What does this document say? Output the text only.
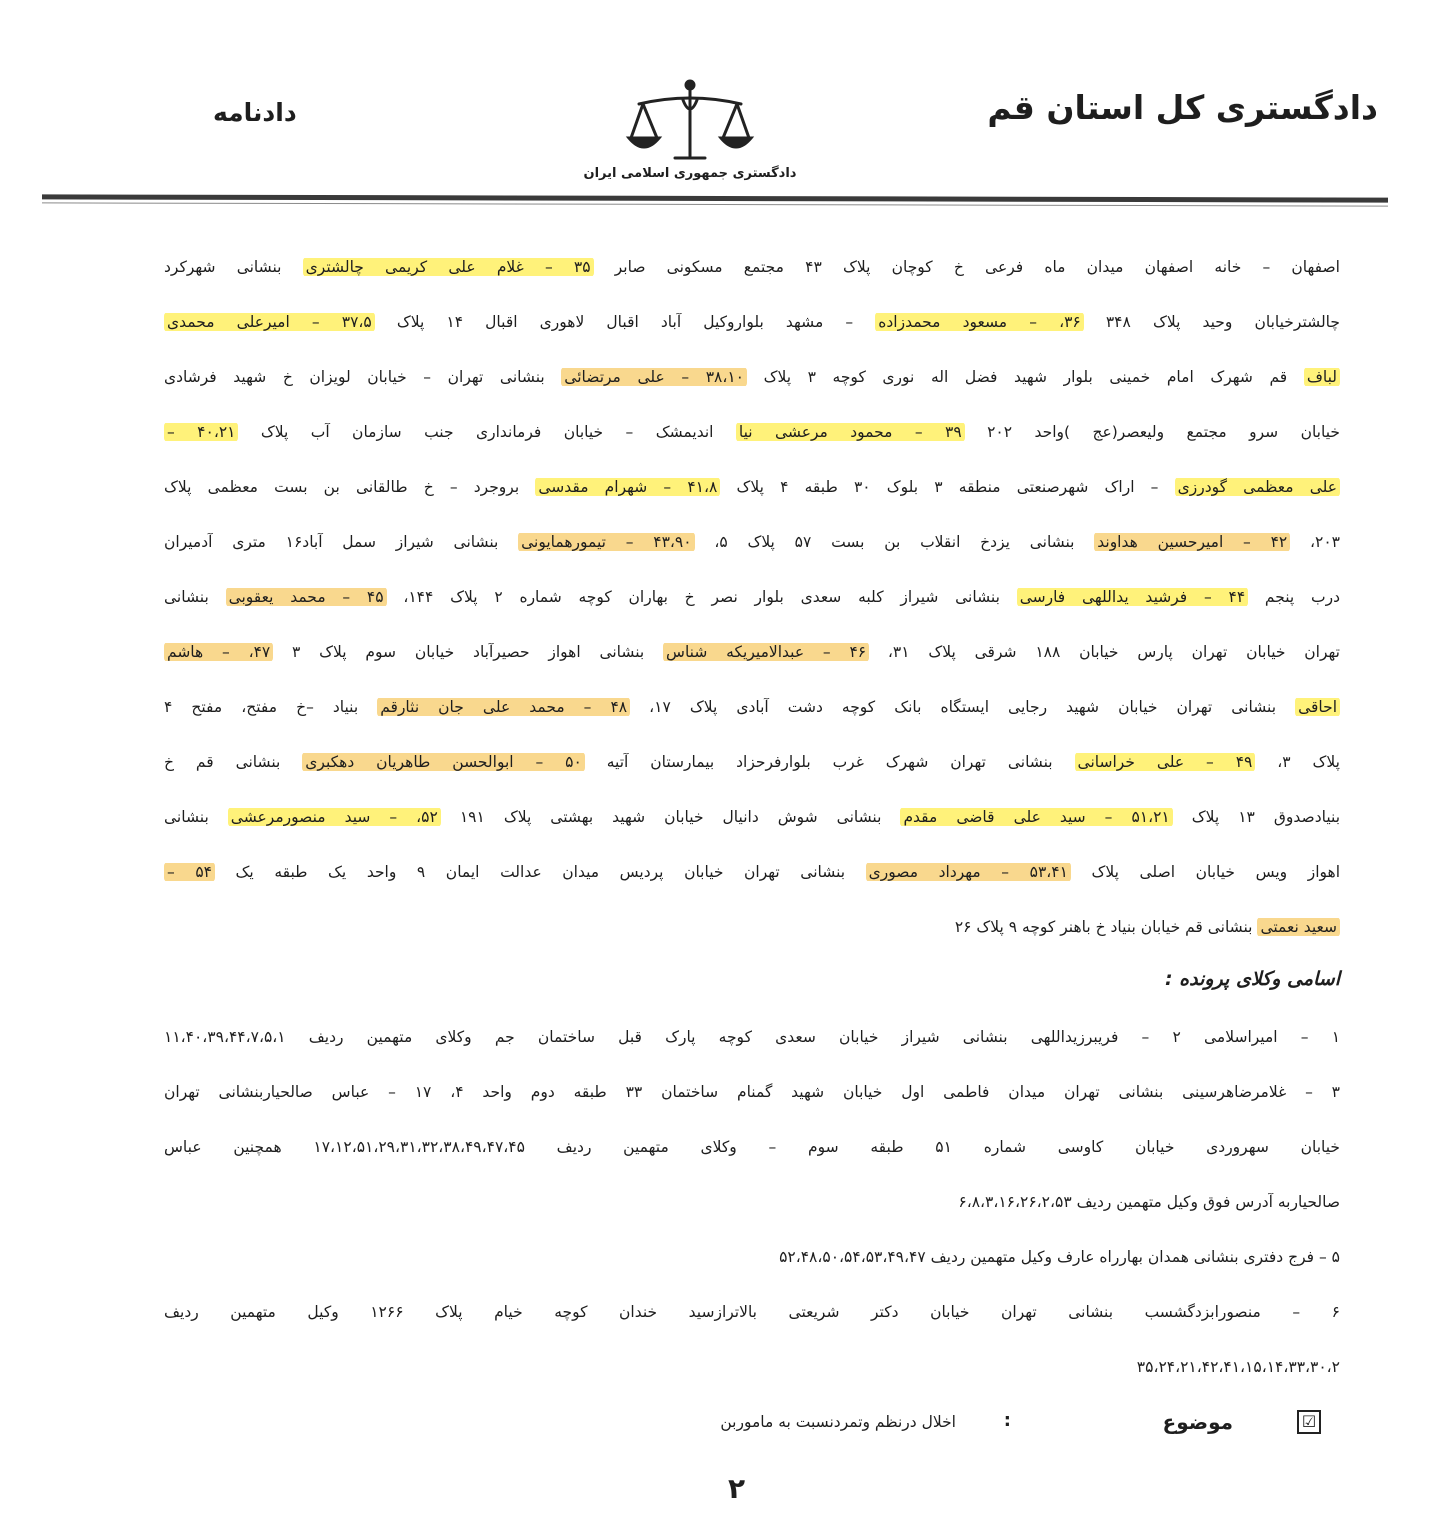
دادگستری کل استان قم
دادنامه
دادگستری جمهوری اسلامی ایران
اصفهان – خانه اصفهان میدان ماه فرعی خ کوچان پلاک ۴۳ مجتمع مسکونی صابر ۳۵ – غلام علی کریمی چالشتری بنشانی شهرکرد
چالشترخیابان وحید پلاک ۳۴۸ ۳۶، – مسعود محمدزاده – مشهد بلواروکیل آباد اقبال لاهوری اقبال ۱۴ پلاک ۳۷،۵ – امیرعلی محمدی
لباف قم شهرک امام خمینی بلوار شهید فضل اله نوری کوچه ۳ پلاک ۳۸،۱۰ – علی مرتضائی بنشانی تهران – خیابان لویزان خ شهید فرشادی
خیابان سرو مجتمع ولیعصر(عج )واحد ۲۰۲ ۳۹ – محمود مرعشی نیا اندیمشک – خیابان فرمانداری جنب سازمان آب پلاک ۴۰،۲۱ –
علی معظمی گودرزی – اراک شهرصنعتی منطقه ۳ بلوک ۳۰ طبقه ۴ پلاک ۴۱،۸ – شهرام مقدسی بروجرد – خ طالقانی بن بست معظمی پلاک
۲۰۳، ۴۲ – امیرحسین هداوند بنشانی یزدخ انقلاب بن بست ۵۷ پلاک ۵، ۴۳،۹۰ – تیمورهمایونی بنشانی شیراز سمل آباد۱۶ متری آدمیران
درب پنجم ۴۴ – فرشید یداللهی فارسی بنشانی شیراز کلبه سعدی بلوار نصر خ بهاران کوچه شماره ۲ پلاک ۱۴۴، ۴۵ – محمد یعقوبی بنشانی
تهران خیابان تهران پارس خیابان ۱۸۸ شرقی پلاک ۳۱، ۴۶ – عبدالامیریکه شناس بنشانی اهواز حصیرآباد خیابان سوم پلاک ۳ ۴۷، – هاشم
احاقی بنشانی تهران خیابان شهید رجایی ایستگاه بانک کوچه دشت آبادی پلاک ۱۷، ۴۸ – محمد علی جان نثارقم بنیاد –خ مفتح، مفتح ۴
پلاک ۳، ۴۹ – علی خراسانی بنشانی تهران شهرک غرب بلوارفرحزاد بیمارستان آتیه ۵۰ – ابوالحسن طاهریان دهکبری بنشانی قم خ
بنیادصدوق ۱۳ پلاک ۵۱،۲۱ – سید علی قاضی مقدم بنشانی شوش دانیال خیابان شهید بهشتی پلاک ۱۹۱ ۵۲، – سید منصورمرعشی بنشانی
اهواز ویس خیابان اصلی پلاک ۵۳،۴۱ – مهرداد مصوری بنشانی تهران خیابان پردیس میدان عدالت ایمان ۹ واحد یک طبقه یک ۵۴ –
سعید نعمتی بنشانی قم خیابان بنیاد خ باهنر کوچه ۹ پلاک ۲۶
اسامی وکلای پرونده :
۱ – امیراسلامی ۲ – فریبرزیداللهی بنشانی شیراز خیابان سعدی کوچه پارک قبل ساختمان جم وکلای متهمین ردیف ۱۱،۴۰،۳۹،۴۴،۷،۵،۱
۳ – غلامرضاهرسینی بنشانی تهران میدان فاطمی اول خیابان شهید گمنام ساختمان ۳۳ طبقه دوم واحد ۴، ۱۷ – عباس صالحیاربنشانی تهران
خیابان سهروردی خیابان کاوسی شماره ۵۱ طبقه سوم – وکلای متهمین ردیف ۱۷،۱۲،۵۱،۲۹،۳۱،۳۲،۳۸،۴۹،۴۷،۴۵ همچنین عباس
صالحیاربه آدرس فوق وکیل متهمین ردیف ۶،۸،۳،۱۶،۲۶،۲،۵۳
۵ – فرج دفتری بنشانی همدان بهارراه عارف وکیل متهمین ردیف ۵۲،۴۸،۵۰،۵۴،۵۳،۴۹،۴۷
۶ – منصورابزدگشسب بنشانی تهران خیابان دکتر شریعتی بالاترازسید خندان کوچه خیام پلاک ۱۲۶۶ وکیل متهمین ردیف
۳۵،۲۴،۲۱،۴۲،۴۱،۱۵،۱۴،۳۳،۳۰،۲
☑
موضوع
:
اخلال درنظم وتمردنسبت به ماموربن
۲
